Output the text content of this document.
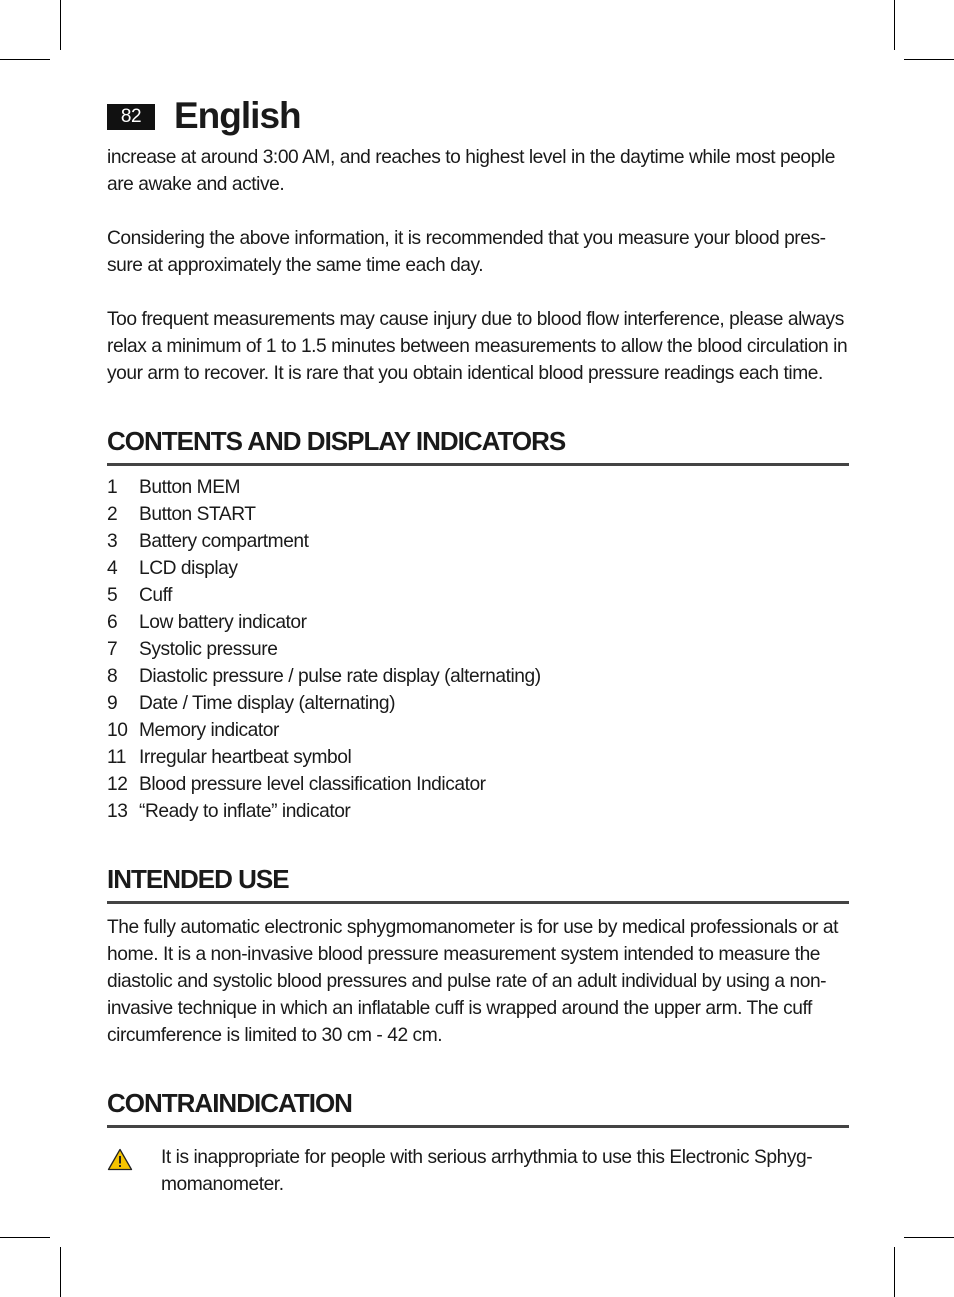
82 English

increase at around 3:00 AM, and reaches to highest level in the daytime while most people are awake and active.

Considering the above information, it is recommended that you measure your blood pres-sure at approximately the same time each day.

Too frequent measurements may cause injury due to blood flow interference, please always relax a minimum of 1 to 1.5 minutes between measurements to allow the blood circulation in your arm to recover. It is rare that you obtain identical blood pressure readings each time.

CONTENTS AND DISPLAY INDICATORS
1	Button MEM
2	Button START
3	Battery compartment
4	LCD display
5	Cuff
6	Low battery indicator
7	Systolic pressure
8	Diastolic pressure / pulse rate display (alternating)
9	Date / Time display (alternating)
10 Memory indicator
11 Irregular heartbeat symbol
12 Blood pressure level classification Indicator
13 “Ready to inflate” indicator
INTENDED USE

The fully automatic electronic sphygmomanometer is for use by medical professionals or at home. It is a non-invasive blood pressure measurement system intended to measure the diastolic and systolic blood pressures and pulse rate of an adult individual by using a non-invasive technique in which an inflatable cuff is wrapped around the upper arm. The cuff circumference is limited to 30 cm - 42 cm.

CONTRAINDICATION

It is inappropriate for people with serious arrhythmia to use this Electronic Sphyg-momanometer.
